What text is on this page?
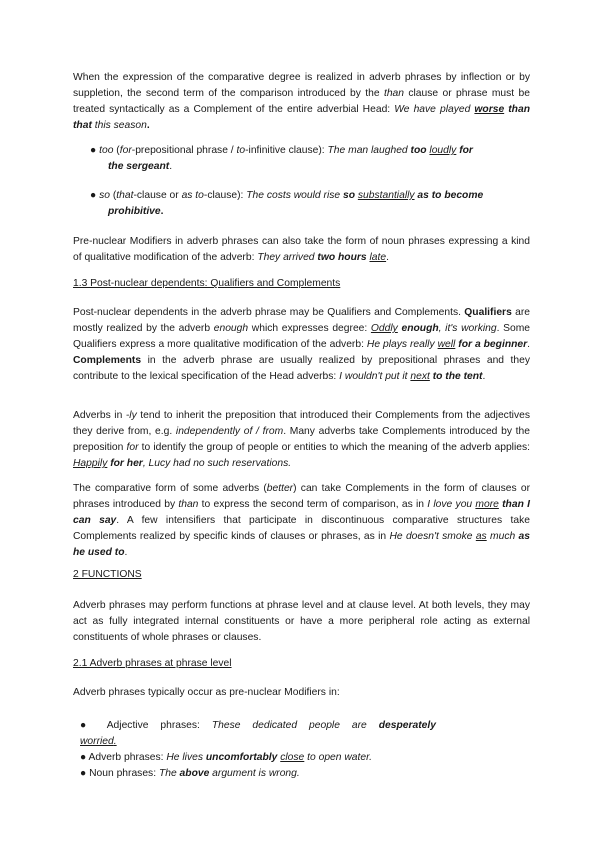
When the expression of the comparative degree is realized in adverb phrases by inflection or by suppletion, the second term of the comparison introduced by the than clause or phrase must be treated syntactically as a Complement of the entire adverbial Head: We have played worse than that this season.

● too (for-prepositional phrase / to-infinitive clause): The man laughed too loudly for
the sergeant.
● so (that-clause or as to-clause): The costs would rise so substantially as to become
prohibitive.

Pre-nuclear Modifiers in adverb phrases can also take the form of noun phrases expressing a kind of qualitative modification of the adverb: They arrived two hours late.

1.3 Post-nuclear dependents: Qualifiers and Complements

Post-nuclear dependents in the adverb phrase may be Qualifiers and Complements. Qualifiers are mostly realized by the adverb enough which expresses degree: Oddly enough, it's working. Some Qualifiers express a more qualitative modification of the adverb: He plays really well for a beginner. Complements in the adverb phrase are usually realized by prepositional phrases and they contribute to the lexical specification of the Head adverbs: I wouldn't put it next to the tent.

Adverbs in -ly tend to inherit the preposition that introduced their Complements from the adjectives they derive from, e.g. independently of / from. Many adverbs take Complements introduced by the preposition for to identify the group of people or entities to which the meaning of the adverb applies: Happily for her, Lucy had no such reservations.

The comparative form of some adverbs (better) can take Complements in the form of clauses or phrases introduced by than to express the second term of comparison, as in I love you more than I can say. A few intensifiers that participate in discontinuous comparative structures take Complements realized by specific kinds of clauses or phrases, as in He doesn't smoke as much as he used to.

2 FUNCTIONS

Adverb phrases may perform functions at phrase level and at clause level. At both levels, they may act as fully integrated internal constituents or have a more peripheral role acting as external constituents of whole phrases or clauses.

2.1 Adverb phrases at phrase level

Adverb phrases typically occur as pre-nuclear Modifiers in:

● Adjective phrases: These dedicated people are desperately
worried.
● Adverb phrases: He lives uncomfortably close to open water.
● Noun phrases: The above argument is wrong.
